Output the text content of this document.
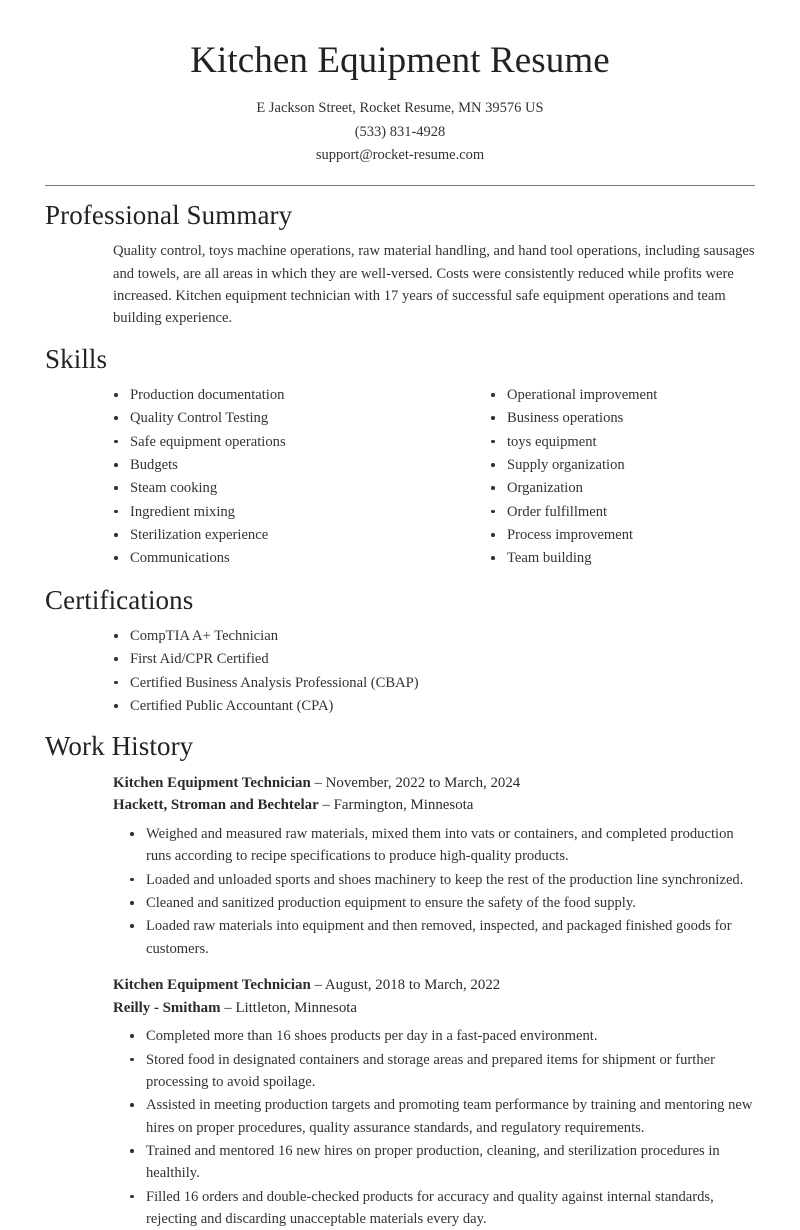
Kitchen Equipment Resume
E Jackson Street, Rocket Resume, MN 39576 US
(533) 831-4928
support@rocket-resume.com
Professional Summary

Quality control, toys machine operations, raw material handling, and hand tool operations, including sausages and towels, are all areas in which they are well-versed. Costs were consistently reduced while profits were increased. Kitchen equipment technician with 17 years of successful safe equipment operations and team building experience.

Skills
Production documentation
Quality Control Testing
Safe equipment operations
Budgets
Steam cooking
Ingredient mixing
Sterilization experience
Communications
Operational improvement
Business operations
toys equipment
Supply organization
Organization
Order fulfillment
Process improvement
Team building
Certifications
CompTIA A+ Technician
First Aid/CPR Certified
Certified Business Analysis Professional (CBAP)
Certified Public Accountant (CPA)
Work History
Kitchen Equipment Technician – November, 2022 to March, 2024
Hackett, Stroman and Bechtelar – Farmington, Minnesota
Weighed and measured raw materials, mixed them into vats or containers, and completed production runs according to recipe specifications to produce high-quality products.
Loaded and unloaded sports and shoes machinery to keep the rest of the production line synchronized.
Cleaned and sanitized production equipment to ensure the safety of the food supply.
Loaded raw materials into equipment and then removed, inspected, and packaged finished goods for customers.
Kitchen Equipment Technician – August, 2018 to March, 2022
Reilly - Smitham – Littleton, Minnesota
Completed more than 16 shoes products per day in a fast-paced environment.
Stored food in designated containers and storage areas and prepared items for shipment or further processing to avoid spoilage.
Assisted in meeting production targets and promoting team performance by training and mentoring new hires on proper procedures, quality assurance standards, and regulatory requirements.
Trained and mentored 16 new hires on proper production, cleaning, and sterilization procedures in healthily.
Filled 16 orders and double-checked products for accuracy and quality against internal standards, rejecting and discarding unacceptable materials every day.
